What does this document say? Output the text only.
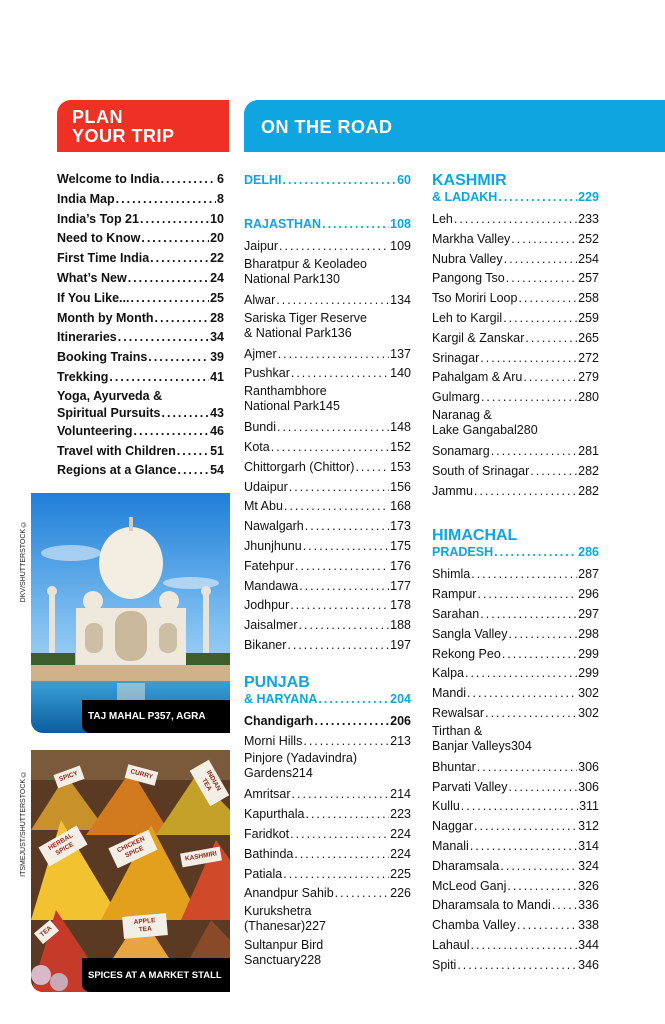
PLAN
YOUR TRIP	ON THE ROAD
Welcome to India .....	6
India Map .....	8
India’s Top 21 .....	10
Need to Know .....	20
First Time India .....	22
What’s New .....	24
If You Like... .....	25
Month by Month .....	28
Itineraries .....	34
Booking Trains .....	39
Trekking .....	41
Yoga, Ayurveda &
Spiritual Pursuits .....	43
Volunteering .....	46
Travel with Children .....	51
Regions at a Glance .....	54
DELHI .....	60
RAJASTHAN .....	108
Jaipur .....	109
Bharatpur & Keoladeo
National Park 130
Alwar .....	134
Sariska Tiger Reserve
& National Park 136
Ajmer .....	137
Pushkar .....	140
Ranthambhore
National Park 145
Bundi .....	148
Kota .....	152
Chittorgarh (Chittor) .....	153
Udaipur .....	156
Mt Abu .....	168
Nawalgarh .....	173
Jhunjhunu .....	175
Fatehpur .....	176
Mandawa .....	177
Jodhpur .....	178
Jaisalmer .....	188
Bikaner .....	197
PUNJAB
& HARYANA .....	204
Chandigarh .....	206
Morni Hills .....	213
Pinjore (Yadavindra)
Gardens 214
Amritsar .....	214
Kapurthala .....	223
Faridkot .....	224
Bathinda .....	224
Patiala .....	225
Anandpur Sahib .....	226
Kurukshetra
(Thanesar) 227
Sultanpur Bird
Sanctuary 228
KASHMIR
& LADAKH .....	229
Leh .....	233
Markha Valley .....	252
Nubra Valley .....	254
Pangong Tso .....	257
Tso Moriri Loop .....	258
Leh to Kargil .....	259
Kargil & Zanskar .....	265
Srinagar .....	272
Pahalgam & Aru .....	279
Gulmarg .....	280
Naranag &
Lake Gangabal 280
Sonamarg .....	281
South of Srinagar .....	282
Jammu .....	282
HIMACHAL
PRADESH .....	286
Shimla .....	287
Rampur .....	296
Sarahan .....	297
Sangla Valley .....	298
Rekong Peo .....	299
Kalpa .....	299
Mandi .....	302
Rewalsar .....	302
Tirthan &
Banjar Valleys 304
Bhuntar .....	306
Parvati Valley .....	306
Kullu .....	311
Naggar .....	312
Manali .....	314
Dharamsala .....	324
McLeod Ganj .....	326
Dharamsala to Mandi ..... 336
Chamba Valley .....	338
Lahaul .....	344
Spiti .....	346
DKV/SHUTTERSTOCK ©
TAJ MAHAL P357, AGRA
SPICY	CURRY	INDIAN TEA
HERBAL SPICE	CHICKEN SPICE	KASHMIRI
APPLE TEA
TEA
ITSMEJUST/SHUTTERSTOCK ©
SPICES AT A MARKET STALL
